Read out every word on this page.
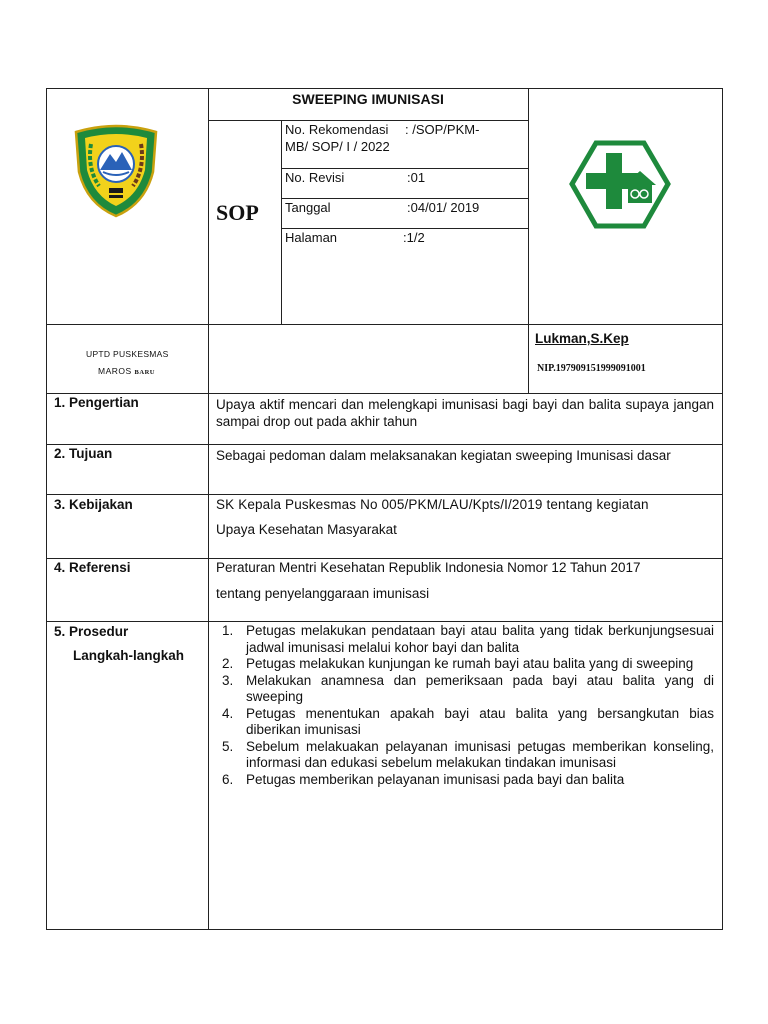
SWEEPING IMUNISASI
SOP
No. Rekomendasi : /SOP/PKM-
MB/ SOP/ I / 2022
No. Revisi	:01
Tanggal	:04/01/ 2019
Halaman	:1/2
UPTD PUSKESMAS
MAROS BARU
Lukman,S.Kep
NIP.197909151999091001
1. Pengertian	Upaya aktif mencari dan melengkapi imunisasi bagi bayi dan balita supaya jangan sampai drop out pada akhir tahun
2. Tujuan	Sebagai pedoman dalam melaksanakan kegiatan sweeping Imunisasi dasar
3. Kebijakan	SK Kepala Puskesmas No 005/PKM/LAU/Kpts/I/2019 tentang kegiatan
Upaya Kesehatan Masyarakat
4. Referensi	Peraturan Mentri Kesehatan Republik Indonesia Nomor 12 Tahun 2017
tentang penyelanggaraan imunisasi
5. Prosedur
Langkah-langkah
1. Petugas melakukan pendataan bayi atau balita yang tidak berkunjungsesuai jadwal imunisasi melalui kohor bayi dan balita
2. Petugas melakukan kunjungan ke rumah bayi atau balita yang di sweeping
3. Melakukan anamnesa dan pemeriksaan pada bayi atau balita yang di sweeping
4. Petugas menentukan apakah bayi atau balita yang bersangkutan bias diberikan imunisasi
5. Sebelum melakuakan pelayanan imunisasi petugas memberikan konseling, informasi dan edukasi sebelum melakukan tindakan imunisasi
6. Petugas memberikan pelayanan imunisasi pada bayi dan balita
